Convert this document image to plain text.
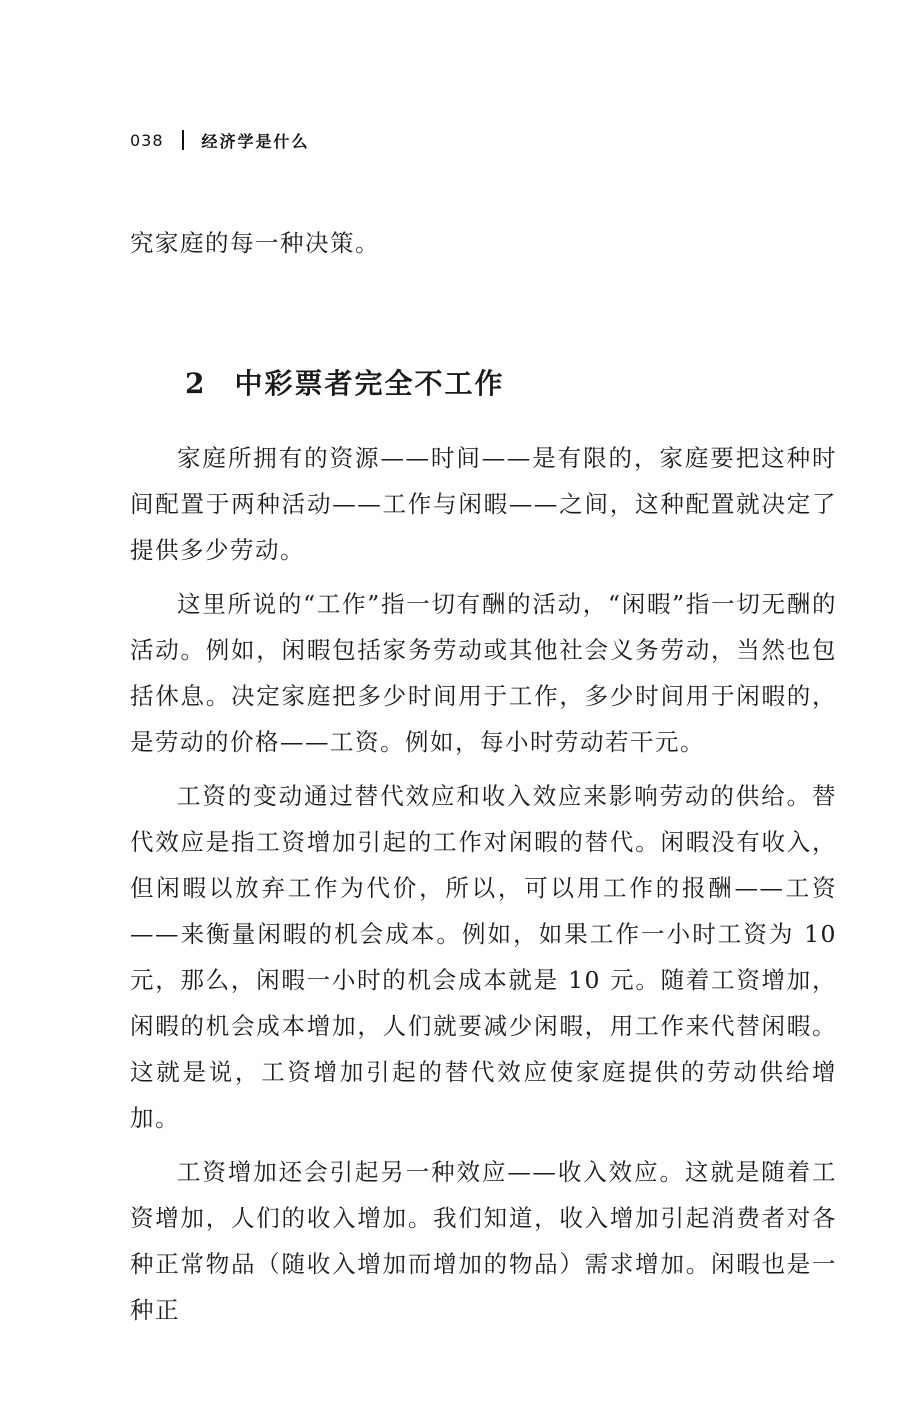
038 经济学是什么
究家庭的每一种决策。
2 中彩票者完全不工作

家庭所拥有的资源——时间——是有限的，家庭要把这种时间配置于两种活动——工作与闲暇——之间，这种配置就决定了提供多少劳动。

这里所说的“工作”指一切有酬的活动，“闲暇”指一切无酬的活动。例如，闲暇包括家务劳动或其他社会义务劳动，当然也包括休息。决定家庭把多少时间用于工作，多少时间用于闲暇的，是劳动的价格——工资。例如，每小时劳动若干元。

工资的变动通过替代效应和收入效应来影响劳动的供给。替代效应是指工资增加引起的工作对闲暇的替代。闲暇没有收入，但闲暇以放弃工作为代价，所以，可以用工作的报酬——工资——来衡量闲暇的机会成本。例如，如果工作一小时工资为 10 元，那么，闲暇一小时的机会成本就是 10 元。随着工资增加，闲暇的机会成本增加，人们就要减少闲暇，用工作来代替闲暇。这就是说，工资增加引起的替代效应使家庭提供的劳动供给增加。

工资增加还会引起另一种效应——收入效应。这就是随着工资增加，人们的收入增加。我们知道，收入增加引起消费者对各种正常物品（随收入增加而增加的物品）需求增加。闲暇也是一种正
